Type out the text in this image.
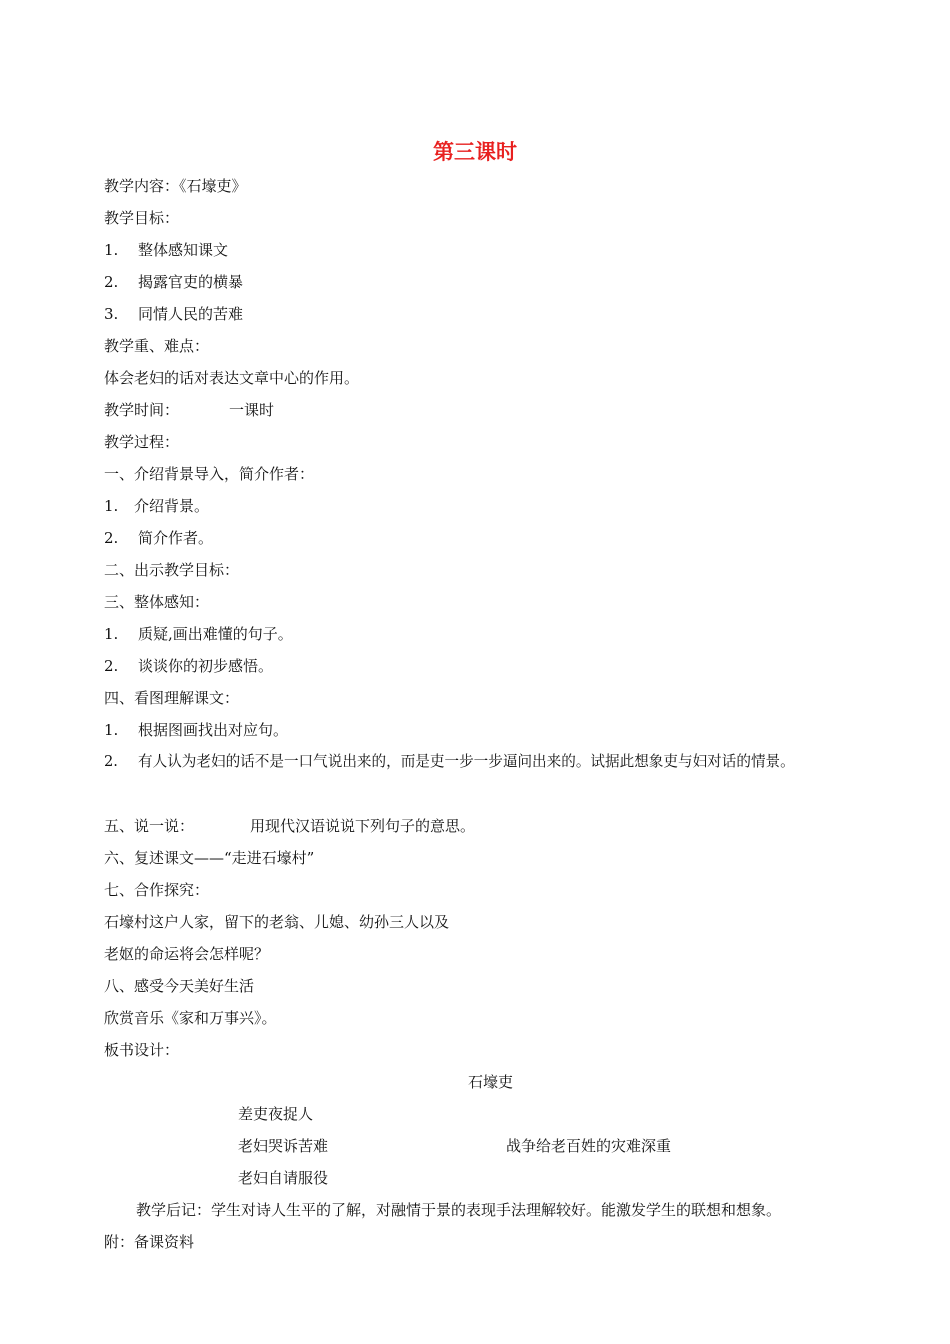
第三课时
教学内容：《石壕吏》
教学目标：
1. 整体感知课文
2. 揭露官吏的横暴
3. 同情人民的苦难
教学重、难点：
体会老妇的话对表达文章中心的作用。
教学时间：	一课时
教学过程：
一、介绍背景导入，简介作者：
1. 介绍背景。
2. 简介作者。
二、出示教学目标：
三、整体感知：
1. 质疑,画出难懂的句子。
2. 谈谈你的初步感悟。
四、看图理解课文：
1. 根据图画找出对应句。
2. 有人认为老妇的话不是一口气说出来的，而是吏一步一步逼问出来的。试据此想象吏与妇对话的情景。
五、说一说：	用现代汉语说说下列句子的意思。
六、复述课文——“走进石壕村”
七、合作探究：
石壕村这户人家，留下的老翁、儿媳、幼孙三人以及
老妪的命运将会怎样呢？
八、感受今天美好生活
欣赏音乐《家和万事兴》。
板书设计：
石壕吏
差吏夜捉人
老妇哭诉苦难	战争给老百姓的灾难深重
老妇自请服役
教学后记：学生对诗人生平的了解，对融情于景的表现手法理解较好。能激发学生的联想和想象。
附：备课资料
